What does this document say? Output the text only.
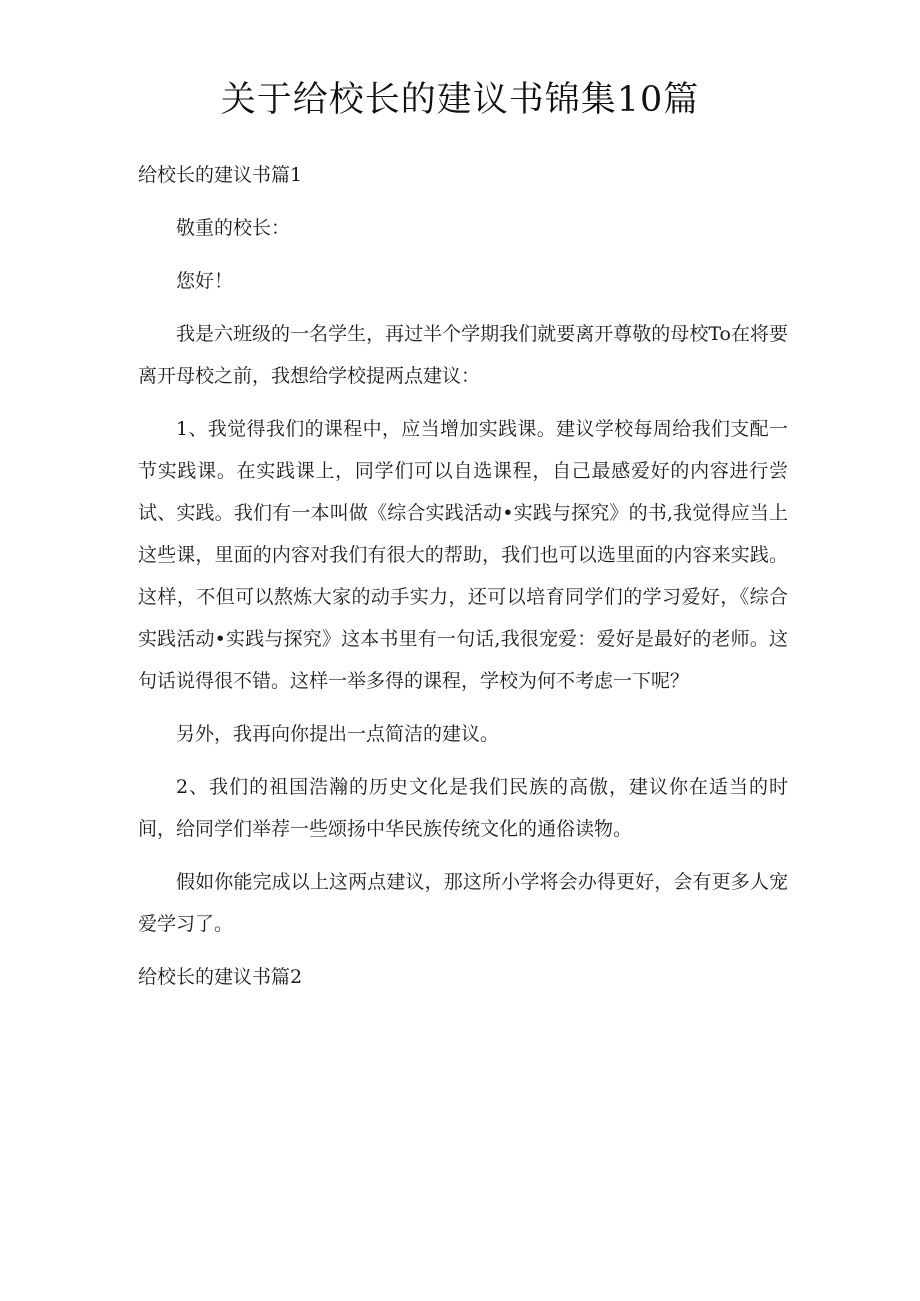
关于给校长的建议书锦集10篇
给校长的建议书篇1

敬重的校长：

您好！

我是六班级的一名学生，再过半个学期我们就要离开尊敬的母校To在将要离开母校之前，我想给学校提两点建议：

1、我觉得我们的课程中，应当增加实践课。建议学校每周给我们支配一节实践课。在实践课上，同学们可以自选课程，自己最感爱好的内容进行尝试、实践。我们有一本叫做《综合实践活动•实践与探究》的书,我觉得应当上这些课，里面的内容对我们有很大的帮助，我们也可以选里面的内容来实践。这样，不但可以熬炼大家的动手实力，还可以培育同学们的学习爱好，《综合实践活动•实践与探究》这本书里有一句话,我很宠爱：爱好是最好的老师。这句话说得很不错。这样一举多得的课程，学校为何不考虑一下呢？

另外，我再向你提出一点简洁的建议。

2、我们的祖国浩瀚的历史文化是我们民族的高傲，建议你在适当的时间，给同学们举荐一些颂扬中华民族传统文化的通俗读物。

假如你能完成以上这两点建议，那这所小学将会办得更好，会有更多人宠爱学习了。

给校长的建议书篇2
